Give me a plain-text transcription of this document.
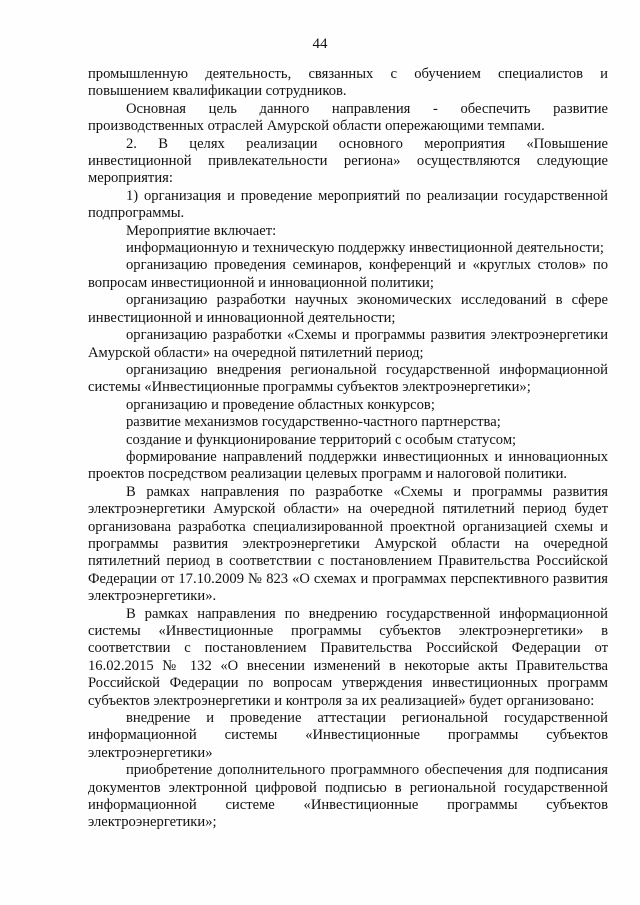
44

промышленную деятельность, связанных с обучением специалистов и повышением квалификации сотрудников.

Основная цель данного направления - обеспечить развитие производственных отраслей Амурской области опережающими темпами.

2. В целях реализации основного мероприятия «Повышение инвестиционной привлекательности региона» осуществляются следующие мероприятия:

1) организация и проведение мероприятий по реализации государственной подпрограммы.

Мероприятие включает:

информационную и техническую поддержку инвестиционной деятельности;

организацию проведения семинаров, конференций и «круглых столов» по вопросам инвестиционной и инновационной политики;

организацию разработки научных экономических исследований в сфере инвестиционной и инновационной деятельности;

организацию разработки «Схемы и программы развития электроэнергетики Амурской области» на очередной пятилетний период;

организацию внедрения региональной государственной информационной системы «Инвестиционные программы субъектов электроэнергетики»;

организацию и проведение областных конкурсов;

развитие механизмов государственно-частного партнерства;

создание и функционирование территорий с особым статусом;

формирование направлений поддержки инвестиционных и инновационных проектов посредством реализации целевых программ и налоговой политики.

В рамках направления по разработке «Схемы и программы развития электроэнергетики Амурской области» на очередной пятилетний период будет организована разработка специализированной проектной организацией схемы и программы развития электроэнергетики Амурской области на очередной пятилетний период в соответствии с постановлением Правительства Российской Федерации от 17.10.2009 № 823 «О схемах и программах перспективного развития электроэнергетики».

В рамках направления по внедрению государственной информационной системы «Инвестиционные программы субъектов электроэнергетики» в соответствии с постановлением Правительства Российской Федерации от 16.02.2015 № 132 «О внесении изменений в некоторые акты Правительства Российской Федерации по вопросам утверждения инвестиционных программ субъектов электроэнергетики и контроля за их реализацией» будет организовано:

внедрение и проведение аттестации региональной государственной информационной системы «Инвестиционные программы субъектов электроэнергетики»

приобретение дополнительного программного обеспечения для подписания документов электронной цифровой подписью в региональной государственной информационной системе «Инвестиционные программы субъектов электроэнергетики»;
